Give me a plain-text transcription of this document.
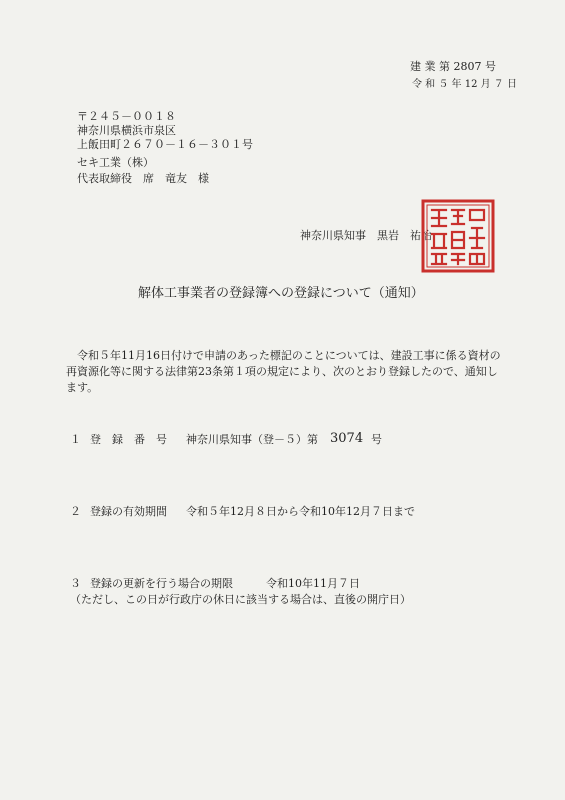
建 業 第 2807 号
令 和 ５ 年 12 月 ７ 日
〒２４５－００１８
神奈川県横浜市泉区
上飯田町２６７０－１６－３０１号
セキ工業（株）
代表取締役　席　竜友　様
神奈川県知事　黒岩　祐治
解体工事業者の登録簿への登録について（通知）
令和５年11月16日付けで申請のあった標記のことについては、建設工事に係る資材の再資源化等に関する法律第23条第１項の規定により、次のとおり登録したので、通知します。
１ 登　録　番　号 神奈川県知事（登－５）第 3074 号
２ 登録の有効期間 令和５年12月８日から令和10年12月７日まで
３ 登録の更新を行う場合の期限	令和10年11月７日
（ただし、この日が行政庁の休日に該当する場合は、直後の開庁日）
